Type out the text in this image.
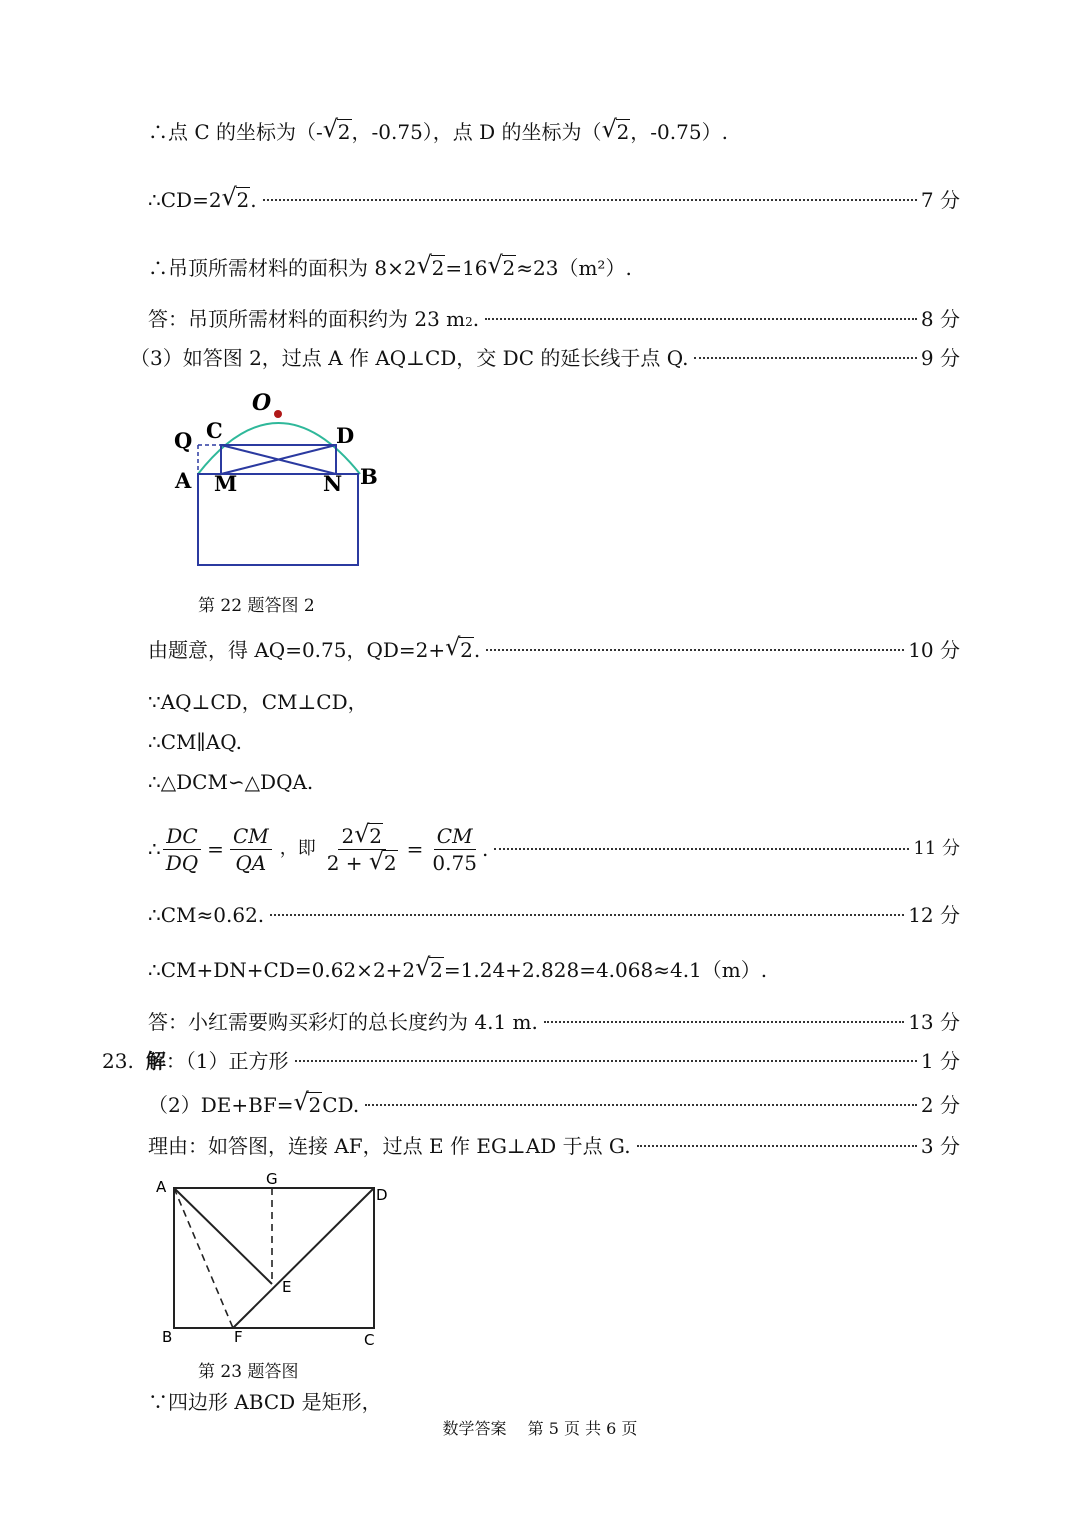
∴点 C 的坐标为（- √ 2 ，-0.75），点 D 的坐标为（ √ 2 ，-0.75）.
∴CD=2 √ 2 .	7 分
∴吊顶所需材料的面积为 8×2 √ 2 =16 √ 2 ≈23（m²）.
答：吊顶所需材料的面积约为 23 m 2 .	8 分
（3）如答图 2，过点 A 作 AQ⊥CD，交 DC 的延长线于点 Q.	9 分
O
Q C	D
A M	N B
第 22 题答图 2
由题意，得 AQ=0.75，QD=2+ √ 2 .	10 分
∵AQ⊥CD，CM⊥CD，
∴CM∥AQ.
∴△DCM∽△DQA.
∴ $\frac{DC}{DQ} = \frac{CM}{QA}$ ，即 $\frac{2 √ 2}{2 + √ 2} = \frac{CM}{0.75}$ .	11 分
∴CM≈0.62.	12 分
∴CM+DN+CD=0.62×2+2 √ 2 =1.24+2.828=4.068≈4.1（m）.
答：小红需要购买彩灯的总长度约为 4.1 m.	13 分
23. 解 ：（1）正方形	1 分
（2）DE+BF= √ 2 CD.	2 分
理由：如答图，连接 AF，过点 E 作 EG⊥AD 于点 G.	3 分
A	G
D
E
B	F	C
第 23 题答图
∵四边形 ABCD 是矩形，
数学答案　 第 5 页 共 6 页
